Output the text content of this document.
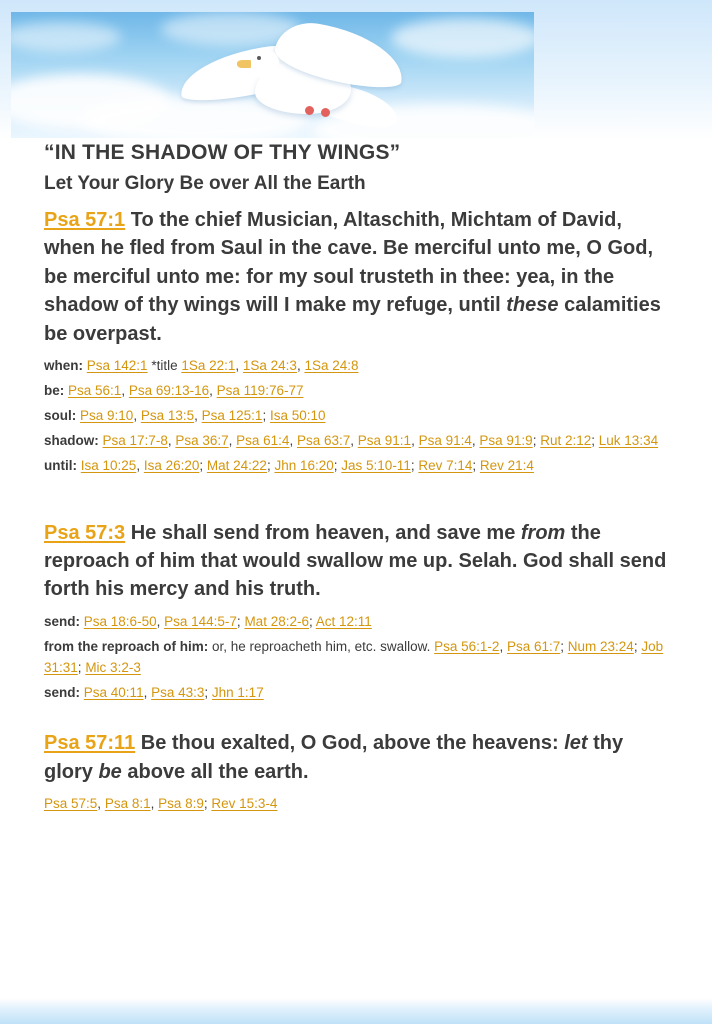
“IN THE SHADOW OF THY WINGS”
Let Your Glory Be over All the Earth

Psa 57:1 To the chief Musician, Altaschith, Michtam of David, when he fled from Saul in the cave. Be merciful unto me, O God, be merciful unto me: for my soul trusteth in thee: yea, in the shadow of thy wings will I make my refuge, until these calamities be overpast.

when: Psa 142:1 *title 1Sa 22:1, 1Sa 24:3, 1Sa 24:8

be: Psa 56:1, Psa 69:13-16, Psa 119:76-77

soul: Psa 9:10, Psa 13:5, Psa 125:1; Isa 50:10

shadow: Psa 17:7-8, Psa 36:7, Psa 61:4, Psa 63:7, Psa 91:1, Psa 91:4, Psa 91:9; Rut 2:12; Luk 13:34

until: Isa 10:25, Isa 26:20; Mat 24:22; Jhn 16:20; Jas 5:10-11; Rev 7:14; Rev 21:4

Psa 57:3 He shall send from heaven, and save me from the reproach of him that would swallow me up. Selah. God shall send forth his mercy and his truth.

send: Psa 18:6-50, Psa 144:5-7; Mat 28:2-6; Act 12:11

from the reproach of him: or, he reproacheth him, etc. swallow. Psa 56:1-2, Psa 61:7; Num 23:24; Job 31:31; Mic 3:2-3

send: Psa 40:11, Psa 43:3; Jhn 1:17

Psa 57:11 Be thou exalted, O God, above the heavens: let thy glory be above all the earth.

Psa 57:5, Psa 8:1, Psa 8:9; Rev 15:3-4
